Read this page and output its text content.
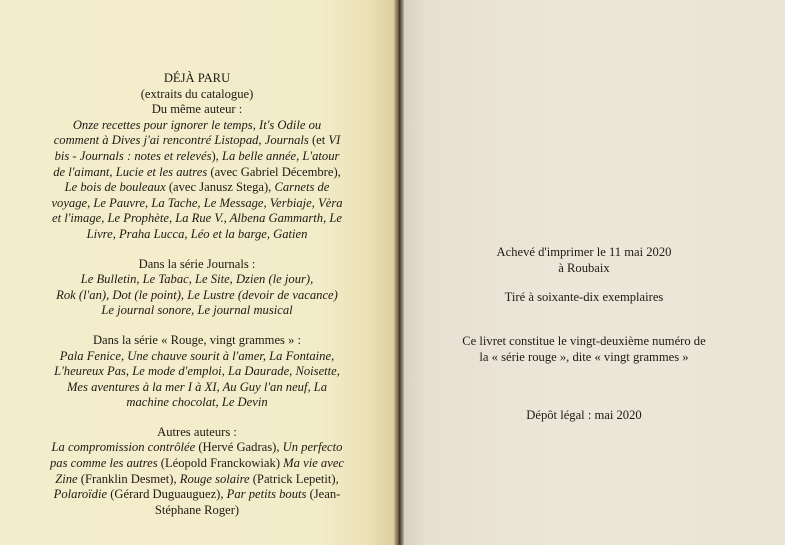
DÉJÀ PARU

(extraits du catalogue)

Du même auteur :

Onze recettes pour ignorer le temps, It's Odile ou

comment à Dives j'ai rencontré Listopad, Journals (et VI

bis - Journals : notes et relevés), La belle année, L'atour

de l'aimant, Lucie et les autres (avec Gabriel Décembre),

Le bois de bouleaux (avec Janusz Stega), Carnets de

voyage, Le Pauvre, La Tache, Le Message, Verbiaje, Vèra

et l'image, Le Prophète, La Rue V., Albena Gammarth, Le

Livre, Praha Lucca, Léo et la barge, Gatien

Dans la série Journals :

Le Bulletin, Le Tabac, Le Site, Dzien (le jour),

Rok (l'an), Dot (le point), Le Lustre (devoir de vacance)

Le journal sonore, Le journal musical

Dans la série « Rouge, vingt grammes » :

Pala Fenice, Une chauve sourit à l'amer, La Fontaine,

L'heureux Pas, Le mode d'emploi, La Daurade, Noisette,

Mes aventures à la mer I à XI, Au Guy l'an neuf, La

machine chocolat, Le Devin

Autres auteurs :

La compromission contrôlée (Hervé Gadras), Un perfecto

pas comme les autres (Léopold Franckowiak) Ma vie avec

Zine (Franklin Desmet), Rouge solaire (Patrick Lepetit),

Polaroïdie (Gérard Duguauguez), Par petits bouts (Jean-

Stéphane Roger)

Achevé d'imprimer le 11 mai 2020

à Roubaix

Tiré à soixante-dix exemplaires

Ce livret constitue le vingt-deuxième numéro de

la « série rouge », dite « vingt grammes »

Dépôt légal : mai 2020
